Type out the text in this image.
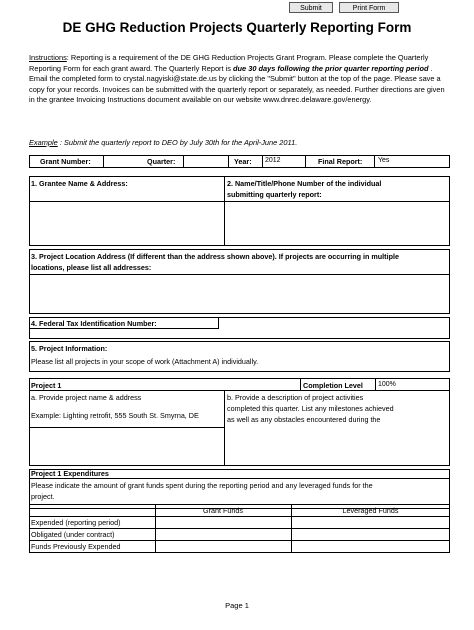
Submit	Print Form
DE GHG Reduction Projects Quarterly Reporting Form
Instructions: Reporting is a requirement of the DE GHG Reduction Projects Grant Program. Please complete the Quarterly Reporting Form for each grant award. The Quarterly Report is due 30 days following the prior quarter reporting period .
Email the completed form to crystal.nagyiski@state.de.us by clicking the "Submit" button at the top of the page. Please save a copy for your records. Invoices can be submitted with the quarterly report or separately, as needed. Further directions are given in the grantee Invoicing Instructions document available on our website www.dnrec.delaware.gov/energy.
Example : Submit the quarterly report to DEO by July 30th for the April-June 2011.
Grant Number:	Quarter:	Year: 2012	Final Report: Yes
1. Grantee Name & Address:	2. Name/Title/Phone Number of the individual
submitting quarterly report:
3. Project Location Address (If different than the address shown above). If projects are occurring in multiple
locations, please list all addresses:
4. Federal Tax Identification Number:
5. Project Information:
Please list all projects in your scope of work (Attachment A) individually.
Project 1	Completion Level 100%
a. Provide project name & address
Example: Lighting retrofit, 555 South St. Smyrna, DE
b. Provide a description of project activities
completed this quarter. List any milestones achieved
as well as any obstacles encountered during the
Project 1 Expenditures
Please indicate the amount of grant funds spent during the reporting period and any leveraged funds for the
project.
Grant Funds	Leveraged Funds
Expended (reporting period)
Obligated (under contract)
Funds Previously Expended
Page 1
